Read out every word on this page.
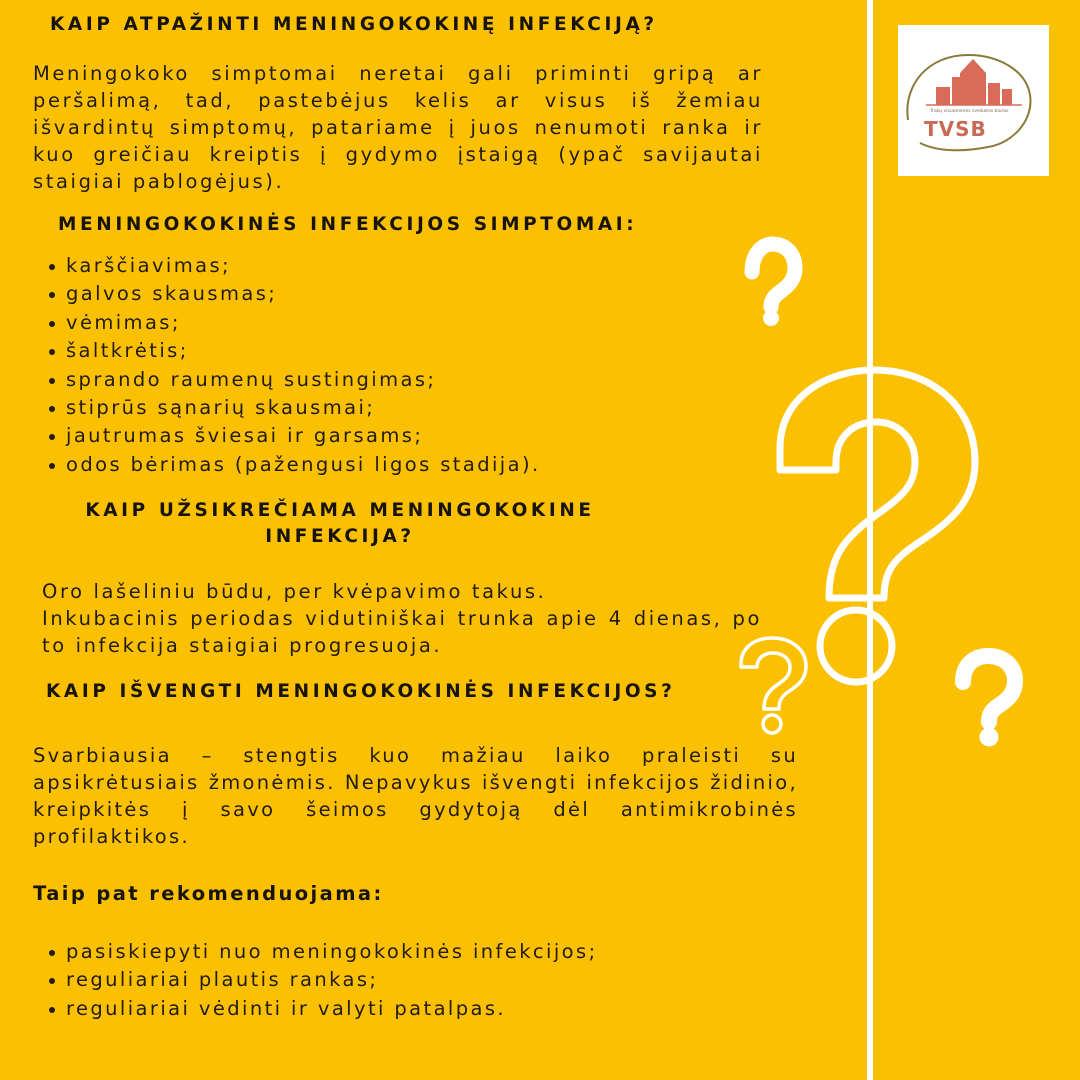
KAIP ATPAŽINTI MENINGOKOKINĘ INFEKCIJĄ?
Meningokoko simptomai neretai gali priminti gripą ar peršalimą, tad, pastebėjus kelis ar visus iš žemiau išvardintų simptomų, patariame į juos nenumoti ranka ir kuo greičiau kreiptis į gydymo įstaigą (ypač savijautai staigiai pablogėjus).
MENINGOKOKINĖS INFEKCIJOS SIMPTOMAI:
karščiavimas;
galvos skausmas;
vėmimas;
šaltkrėtis;
sprando raumenų sustingimas;
stiprūs sąnarių skausmai;
jautrumas šviesai ir garsams;
odos bėrimas (pažengusi ligos stadija).
KAIP UŽSIKREČIAMA MENINGOKOKINE
INFEKCIJA?
Oro lašeliniu būdu, per kvėpavimo takus.
Inkubacinis periodas vidutiniškai trunka apie 4 dienas, po to infekcija staigiai progresuoja.
KAIP IŠVENGTI MENINGOKOKINĖS INFEKCIJOS?
Svarbiausia – stengtis kuo mažiau laiko praleisti su apsikrėtusiais žmonėmis. Nepavykus išvengti infekcijos židinio, kreipkitės į savo šeimos gydytoją dėl antimikrobinės profilaktikos.
Taip pat rekomenduojama:
pasiskiepyti nuo meningokokinės infekcijos;
reguliariai plautis rankas;
reguliariai vėdinti ir valyti patalpas.
Trakų visuomenės sveikatos biuras
TVSB
